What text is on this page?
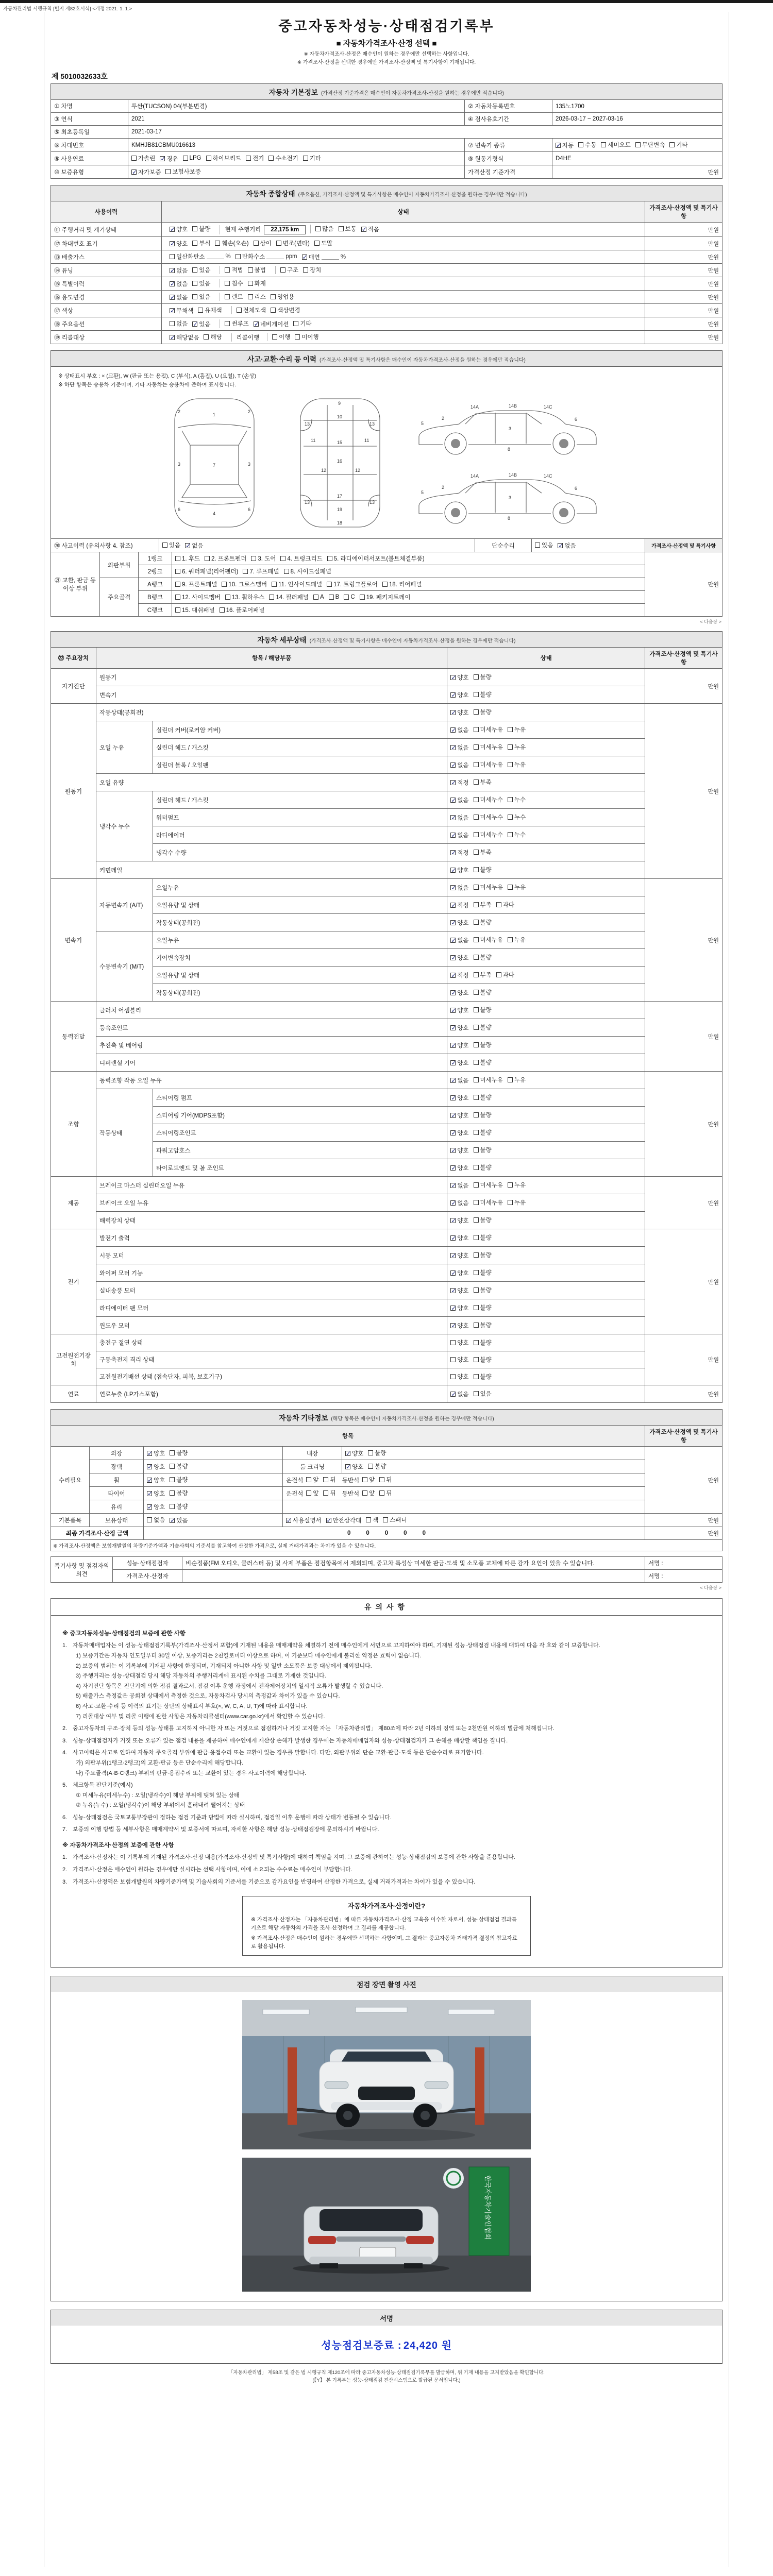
자동차관리법 시행규칙 [별지 제82호서식] <개정 2021. 1. 1.>
중고자동차성능·상태점검기록부
■ 자동차가격조사·산정 선택 ■
※ 자동차가격조사·산정은 매수인이 원하는 경우에만 선택하는 사항입니다.
※ 가격조사·산정을 선택한 경우에만 가격조사·산정액 및 특기사항이 기재됩니다.
제 5010032633호
자동차 기본정보 (가격산정 기준가격은 매수인이 자동차가격조사·산정을 원하는 경우에만 적습니다)
① 차명	투싼(TUCSON) 04(부분변경)	② 자동차등록번호	135노1700
③ 연식	2021	④ 검사유효기간	2026-03-17 ~ 2027-03-16
⑤ 최초등록일	2021-03-17		
⑥ 차대번호	KMHJB81CBMU016613	⑦ 변속기 종류	✓ 자동 수동 세미오토 무단변속 기타

⑧ 사용연료	가솔린 ✓ 경유 LPG 하이브리드 전기 수소전기 기타	⑨ 원동기형식	D4HE
⑩ 보증유형	✓ 자가보증 보험사보증	가격산정 기준가격	만원
자동차 종합상태 (주요옵션, 가격조사·산정액 및 특기사항은 매수인이 자동차가격조사·산정을 원하는 경우에만 적습니다)
사용이력	상태	가격조사·산정액 및 특기사항
⑪ 주행거리 및 계기상태	✓ 양호 불량 현재 주행거리 22,175 km	많음 보통 ✓ 적음	만원
⑫ 차대번호 표기	✓ 양호 부식 훼손(오손) 상이 변조(변타) 도말	만원
⑬ 배출가스	일산화탄소	% 탄화수소	ppm ✓ 매연	%	만원
⑭ 튜닝	✓ 없음 있음	적법 불법	구조 장치	만원
⑮ 특별이력	✓ 없음 있음 침수 화재	만원
⑯ 용도변경	✓ 없음 있음	렌트 리스 영업용	만원
⑰ 색상	✓ 무채색 유채색 전체도색 색상변경	만원
⑱ 주요옵션	없음 ✓ 있음	썬루프 ✓ 네비게이션 기타	만원
⑲ 리콜대상	✓ 해당없음 해당 리콜이행	이행 미이행	만원
사고·교환·수리 등 이력 (가격조사·산정액 및 특기사항은 매수인이 자동차가격조사·산정을 원하는 경우에만 적습니다)
※ 상태표시 부호 : × (교환), W (판금 또는 용접), C (부식), A (흠집), U (요철), T (손상)
※ 하단 항목은 승용차 기준이며, 기타 자동차는 승용차에 준하여 표시합니다.
1
7
4
2	2
3	3
6	6
9
10
11	11
15
16
12	12
13	13
13	13
17
19
18
5
2
14A	14B	14C
3
6
8
5
2
14A	14B	14C
3
6
8
⑳ 사고이력 (유의사항 4. 참조)	있음 ✓ 없음	단순수리	있음 ✓ 없음	가격조사·산정액 및 특기사항
㉑ 교환, 판금 등 이상 부위	외판부위	1랭크	1. 후드 2. 프론트펜더 3. 도어 4. 트렁크리드 5. 라디에이터서포트(볼트체결부품)	만원
		2랭크	6. 쿼터패널(리어펜더) 7. 루프패널 8. 사이드실패널	

	주요골격	A랭크	9. 프론트패널 10. 크로스멤버 11. 인사이드패널 17. 트렁크플로어 18. 리어패널	

B랭크	12. 사이드멤버 13. 휠하우스 14. 필러패널 A B C 19. 패키지트레이

		C랭크	15. 대쉬패널 16. 플로어패널	
< 다음장 >
자동차 세부상태 (가격조사·산정액 및 특기사항은 매수인이 자동차가격조사·산정을 원하는 경우에만 적습니다)
㉒ 주요장치	항목 / 해당부품		상태	가격조사·산정액 및 특기사항
자기진단	원동기		✓ 양호 불량	만원
	변속기		✓ 양호 불량	

원동기	작동상태(공회전)		✓ 양호 불량	만원
	오일 누유	실린더 커버(로커암 커버)	✓ 없음 미세누유 누유	

		실린더 헤드 / 개스킷	✓ 없음 미세누유 누유	

		실린더 블록 / 오일팬	✓ 없음 미세누유 누유	

	오일 유량		✓ 적정 부족	

	냉각수 누수	실린더 헤드 / 개스킷	✓ 없음 미세누수 누수	

		워터펌프	✓ 없음 미세누수 누수	

		라디에이터	✓ 없음 미세누수 누수	

		냉각수 수량	✓ 적정 부족	

	커먼레일		✓ 양호 불량	

변속기	자동변속기 (A/T)	오일누유	✓ 없음 미세누유 누유	만원
		오일유량 및 상태	✓ 적정 부족 과다	

		작동상태(공회전)	✓ 양호 불량	

	수동변속기 (M/T)	오일누유	✓ 없음 미세누유 누유	

		기어변속장치	✓ 양호 불량	

		오일유량 및 상태	✓ 적정 부족 과다	

		작동상태(공회전)	✓ 양호 불량	

동력전달	클러치 어셈블리		✓ 양호 불량	만원
	등속조인트		✓ 양호 불량	

	추진축 및 베어링		✓ 양호 불량	

	디퍼렌셜 기어		✓ 양호 불량	

조향	동력조향 작동 오일 누유		✓ 없음 미세누유 누유	만원
	작동상태	스티어링 펌프	✓ 양호 불량	

		스티어링 기어(MDPS포함)	✓ 양호 불량	

		스티어링조인트	✓ 양호 불량	

		파워고압호스	✓ 양호 불량	

		타이로드엔드 및 볼 조인트	✓ 양호 불량	

제동	브레이크 마스터 실린더오일 누유		✓ 없음 미세누유 누유	만원
	브레이크 오일 누유		✓ 없음 미세누유 누유	

	배력장치 상태		✓ 양호 불량	

전기	발전기 출력		✓ 양호 불량	만원
	시동 모터		✓ 양호 불량	

	와이퍼 모터 기능		✓ 양호 불량	

	실내송풍 모터		✓ 양호 불량	

	라디에이터 팬 모터		✓ 양호 불량	

	윈도우 모터		✓ 양호 불량	

고전원전기장치	충전구 절연 상태		양호 불량	만원
	구동축전지 격리 상태		양호 불량	

	고전원전기배선 상태 (접속단자, 피복, 보호기구)		양호 불량	

연료	연료누출 (LP가스포함)		✓ 없음 있음	만원
자동차 기타정보 (해당 항목은 매수인이 자동차가격조사·산정을 원하는 경우에만 적습니다)
항목					가격조사·산정액 및 특기사항
수리필요	외장	✓ 양호 불량	내장	✓ 양호 불량	만원
	광택	✓ 양호 불량	룸 크리닝	✓ 양호 불량	

휠	✓ 양호 불량	운전석 앞 뒤 동반석 앞 뒤

타이어	✓ 양호 불량	운전석 앞 뒤 동반석 앞 뒤

	유리	✓ 양호 불량			

기본품목	보유상태	없음 ✓ 있음	✓ 사용설명서 ✓ 안전삼각대 잭 스패너	만원
최종 가격조사·산정 금액		00000			만원
※ 가격조사·산정액은 보험개발원의 차량기준가액과 기술사회의 기준서를 참고하여 산정한 가격으로, 실제 거래가격과는 차이가 있을 수 있습니다.
특기사항 및 점검자의 의견	성능·상태점검자	비순정품(FM 오디오, 클러스터 등) 및 사제 부품은 점검항목에서 제외되며, 중고차 특성상 미세한 판금·도색 및 소모품 교체에 따른 감가 요인이 있을 수 있습니다.	서명 :
	가격조사·산정자		서명 :
< 다음장 >
유의사항
※ 중고자동차성능·상태점검의 보증에 관한 사항
1. 자동차매매업자는 이 성능·상태점검기록부(가격조사·산정서 포함)에 기재된 내용을 매매계약을 체결하기 전에 매수인에게 서면으로 고지하여야 하며, 기재된 성능·상태점검 내용에 대하여 다음 각 호와 같이 보증합니다.
1) 보증기간은 자동차 인도일부터 30일 이상, 보증거리는 2천킬로미터 이상으로 하며, 이 기준보다 매수인에게 불리한 약정은 효력이 없습니다.
2) 보증의 범위는 이 기록부에 기재된 사항에 한정되며, 기재되지 아니한 사항 및 일반 소모품은 보증 대상에서 제외됩니다.
3) 주행거리는 성능·상태점검 당시 해당 자동차의 주행거리계에 표시된 수치를 그대로 기재한 것입니다.
4) 자기진단 항목은 진단기에 의한 점검 결과로서, 점검 이후 운행 과정에서 전자제어장치의 일시적 오류가 발생할 수 있습니다.
5) 배출가스 측정값은 공회전 상태에서 측정한 것으로, 자동차검사 당시의 측정값과 차이가 있을 수 있습니다.
6) 사고·교환·수리 등 이력의 표기는 상단의 상태표시 부호(×, W, C, A, U, T)에 따라 표시합니다.
7) 리콜대상 여부 및 리콜 이행에 관한 사항은 자동차리콜센터(www.car.go.kr)에서 확인할 수 있습니다.
2. 중고자동차의 구조·장치 등의 성능·상태를 고지하지 아니한 자 또는 거짓으로 점검하거나 거짓 고지한 자는 「자동차관리법」 제80조에 따라 2년 이하의 징역 또는 2천만원 이하의 벌금에 처해집니다.
3. 성능·상태점검자가 거짓 또는 오류가 있는 점검 내용을 제공하여 매수인에게 재산상 손해가 발생한 경우에는 자동차매매업자와 성능·상태점검자가 그 손해를 배상할 책임을 집니다.
4. 사고이력은 사고로 인하여 자동차 주요골격 부위에 판금·용접수리 또는 교환이 있는 경우를 말합니다. 다만, 외판부위의 단순 교환·판금·도색 등은 단순수리로 표기합니다.
가) 외판부위(1랭크·2랭크)의 교환·판금 등은 단순수리에 해당합니다.
나) 주요골격(A·B·C랭크) 부위의 판금·용접수리 또는 교환이 있는 경우 사고이력에 해당합니다.
5. 체크항목 판단기준(예시)
① 미세누유(미세누수) : 오일(냉각수)이 해당 부위에 맺혀 있는 상태
② 누유(누수) : 오일(냉각수)이 해당 부위에서 흘러내려 떨어지는 상태
6. 성능·상태점검은 국토교통부장관이 정하는 점검 기준과 방법에 따라 실시하며, 점검일 이후 운행에 따라 상태가 변동될 수 있습니다.
7. 보증의 이행 방법 등 세부사항은 매매계약서 및 보증서에 따르며, 자세한 사항은 해당 성능·상태점검장에 문의하시기 바랍니다.
※ 자동차가격조사·산정의 보증에 관한 사항
1. 가격조사·산정자는 이 기록부에 기재된 가격조사·산정 내용(가격조사·산정액 및 특기사항)에 대하여 책임을 지며, 그 보증에 관하여는 성능·상태점검의 보증에 관한 사항을 준용합니다.
2. 가격조사·산정은 매수인이 원하는 경우에만 실시하는 선택 사항이며, 이에 소요되는 수수료는 매수인이 부담합니다.
3. 가격조사·산정액은 보험개발원의 차량기준가액 및 기술사회의 기준서를 기준으로 감가요인을 반영하여 산정한 가격으로, 실제 거래가격과는 차이가 있을 수 있습니다.
자동차가격조사·산정이란?
※ 가격조사·산정자는 「자동차관리법」에 따른 자동차가격조사·산정 교육을 이수한 자로서, 성능·상태점검 결과를 기초로 해당 자동차의 가격을 조사·산정하여 그 결과를 제공합니다.
※ 가격조사·산정은 매수인이 원하는 경우에만 선택하는 사항이며, 그 결과는 중고자동차 거래가격 결정의 참고자료로 활용됩니다.
점검 장면 촬영 사진
한국자동차기술인협회
서명
성능점검보증료 : 24,420 원
「자동차관리법」 제58조 및 같은 법 시행규칙 제120조에 따라 중고자동차성능·상태점검기록부를 발급하며, 위 기재 내용을 고지받았음을 확인합니다.
(【Y】 본 기록부는 성능·상태점검 전산시스템으로 발급된 문서입니다.)
